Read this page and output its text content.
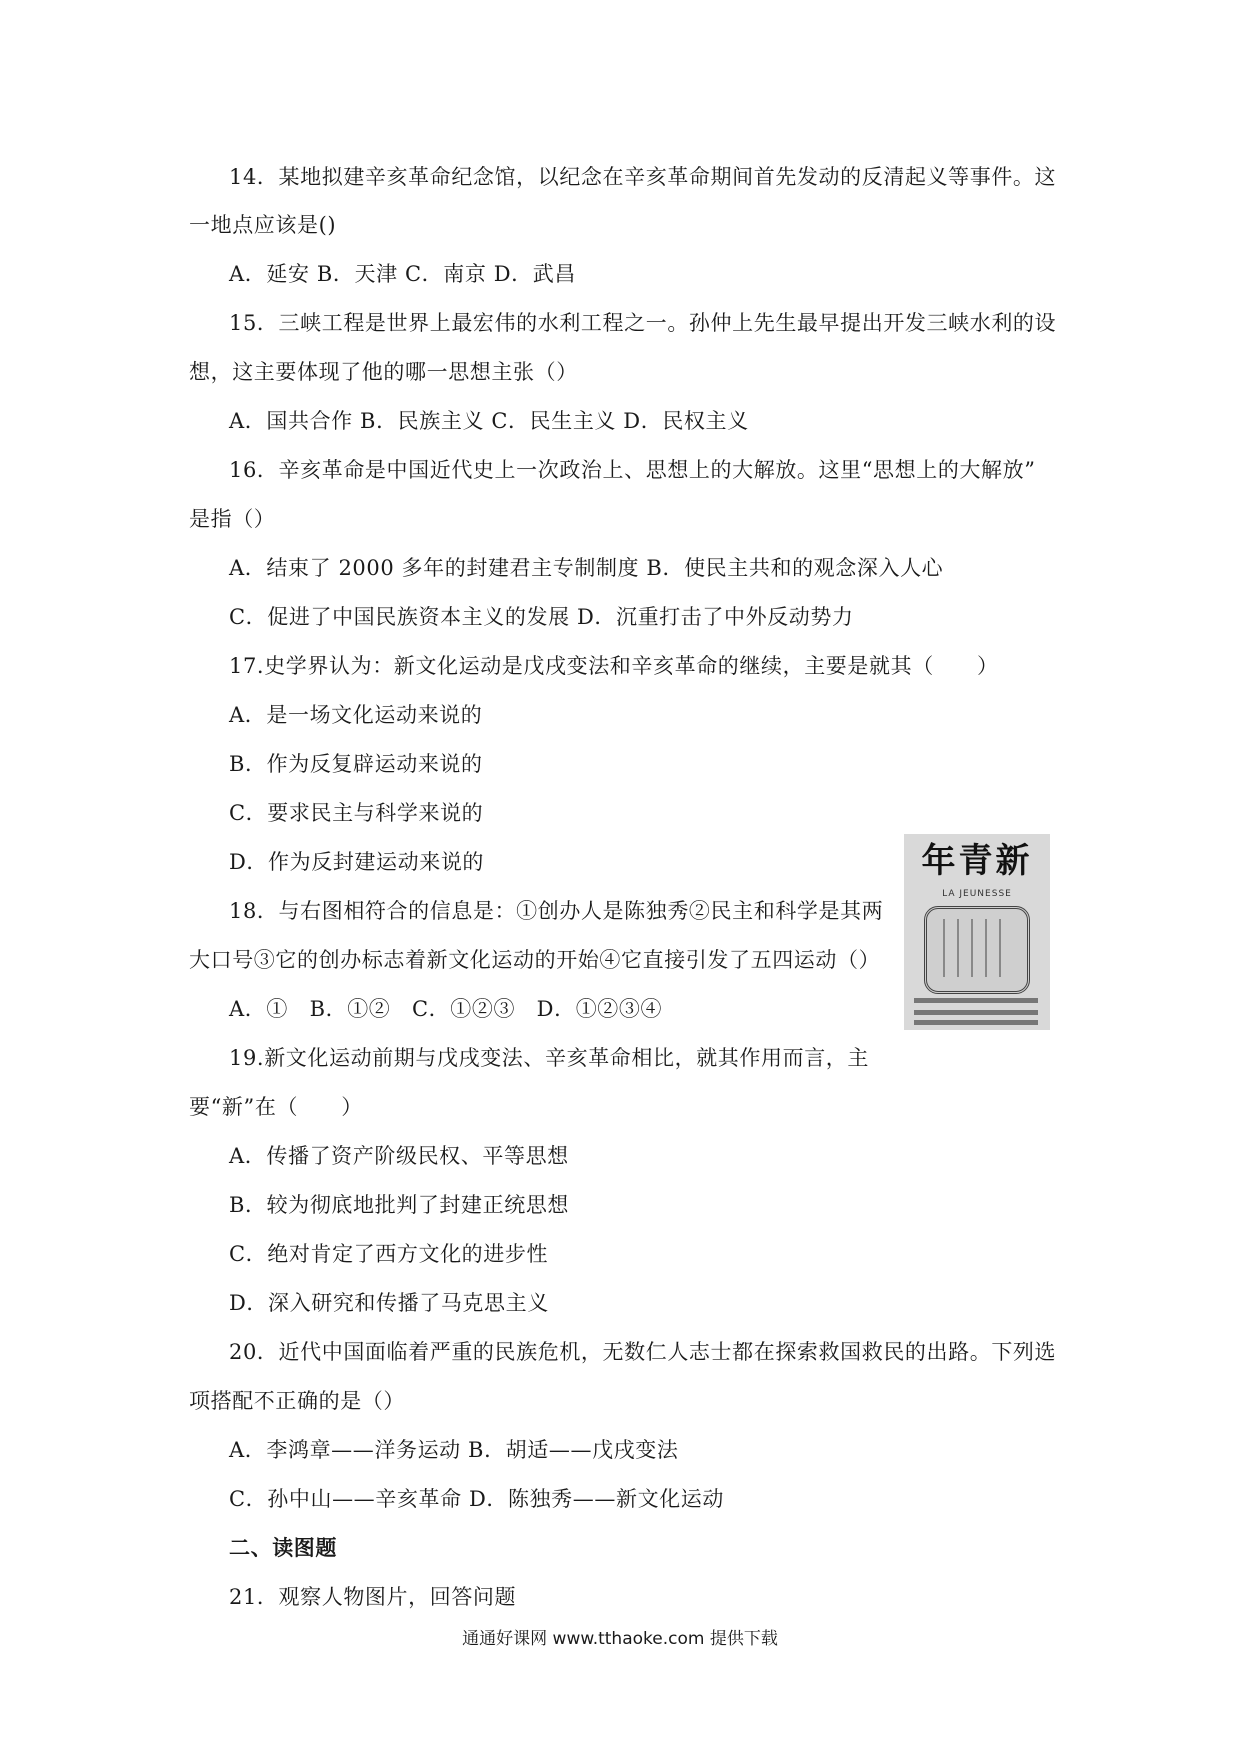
14．某地拟建辛亥革命纪念馆，以纪念在辛亥革命期间首先发动的反清起义等事件。这
一地点应该是()
A．延安 B．天津 C．南京 D．武昌
15．三峡工程是世界上最宏伟的水利工程之一。孙仲上先生最早提出开发三峡水利的设
想，这主要体现了他的哪一思想主张（）
A．国共合作 B．民族主义 C．民生主义 D．民权主义
16．辛亥革命是中国近代史上一次政治上、思想上的大解放。这里“思想上的大解放”
是指（）
A．结束了 2000 多年的封建君主专制制度 B．使民主共和的观念深入人心
C．促进了中国民族资本主义的发展 D．沉重打击了中外反动势力
17.史学界认为：新文化运动是戊戌变法和辛亥革命的继续，主要是就其（　　）
A．是一场文化运动来说的
B．作为反复辟运动来说的
C．要求民主与科学来说的
D．作为反封建运动来说的
18．与右图相符合的信息是：①创办人是陈独秀②民主和科学是其两
大口号③它的创办标志着新文化运动的开始④它直接引发了五四运动（）
A．①　B．①②　C．①②③　D．①②③④
年青新
LA JEUNESSE
19.新文化运动前期与戊戌变法、辛亥革命相比，就其作用而言，主
要“新”在（　　）
A．传播了资产阶级民权、平等思想
B．较为彻底地批判了封建正统思想
C．绝对肯定了西方文化的进步性
D．深入研究和传播了马克思主义
20．近代中国面临着严重的民族危机，无数仁人志士都在探索救国救民的出路。下列选
项搭配不正确的是（）
A．李鸿章——洋务运动 B．胡适——戊戌变法
C．孙中山——辛亥革命 D．陈独秀——新文化运动
二、读图题
21．观察人物图片，回答问题
通通好课网 www.tthaoke.com 提供下载
